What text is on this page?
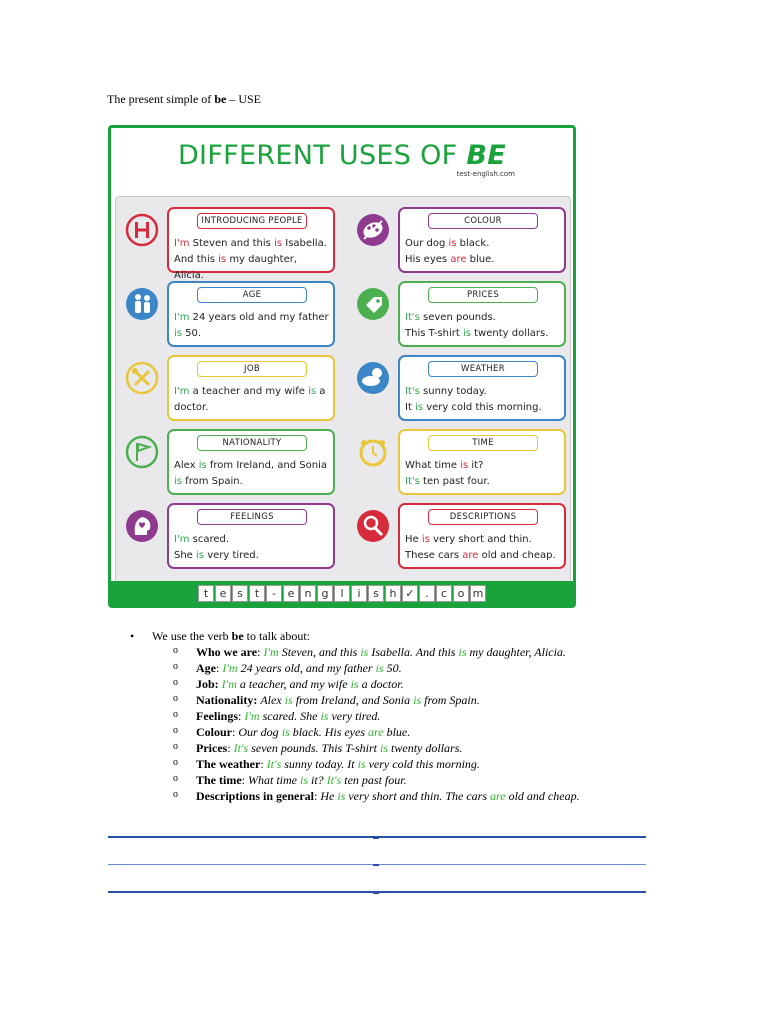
The present simple of be – USE
DIFFERENT USES OF BE
test-english.com
INTRODUCING PEOPLE
I'm Steven and this is Isabella.
And this is my daughter, Alicia.
COLOUR
Our dog is black.
His eyes are blue.
AGE
I'm 24 years old and my father
is 50.
PRICES
It's seven pounds.
This T-shirt is twenty dollars.
JOB
I'm a teacher and my wife is a
doctor.
WEATHER
It's sunny today.
It is very cold this morning.
NATIONALITY
Alex is from Ireland, and Sonia
is from Spain.
TIME
What time is it?
It's ten past four.
FEELINGS
I'm scared.
She is very tired.
DESCRIPTIONS
He is very short and thin.
These cars are old and cheap.
t	e s	t	-	e n g	l	i	s h ✓ .	c o m
• We use the verb be to talk about:
o Who we are: I'm Steven, and this is Isabella. And this is my daughter, Alicia.
o Age: I'm 24 years old, and my father is 50.
o Job: I'm a teacher, and my wife is a doctor.
o Nationality: Alex is from Ireland, and Sonia is from Spain.
o Feelings: I'm scared. She is very tired.
o Colour: Our dog is black. His eyes are blue.
o Prices: It's seven pounds. This T-shirt is twenty dollars.
o The weather: It's sunny today. It is very cold this morning.
o The time: What time is it? It's ten past four.
o Descriptions in general: He is very short and thin. The cars are old and cheap.
